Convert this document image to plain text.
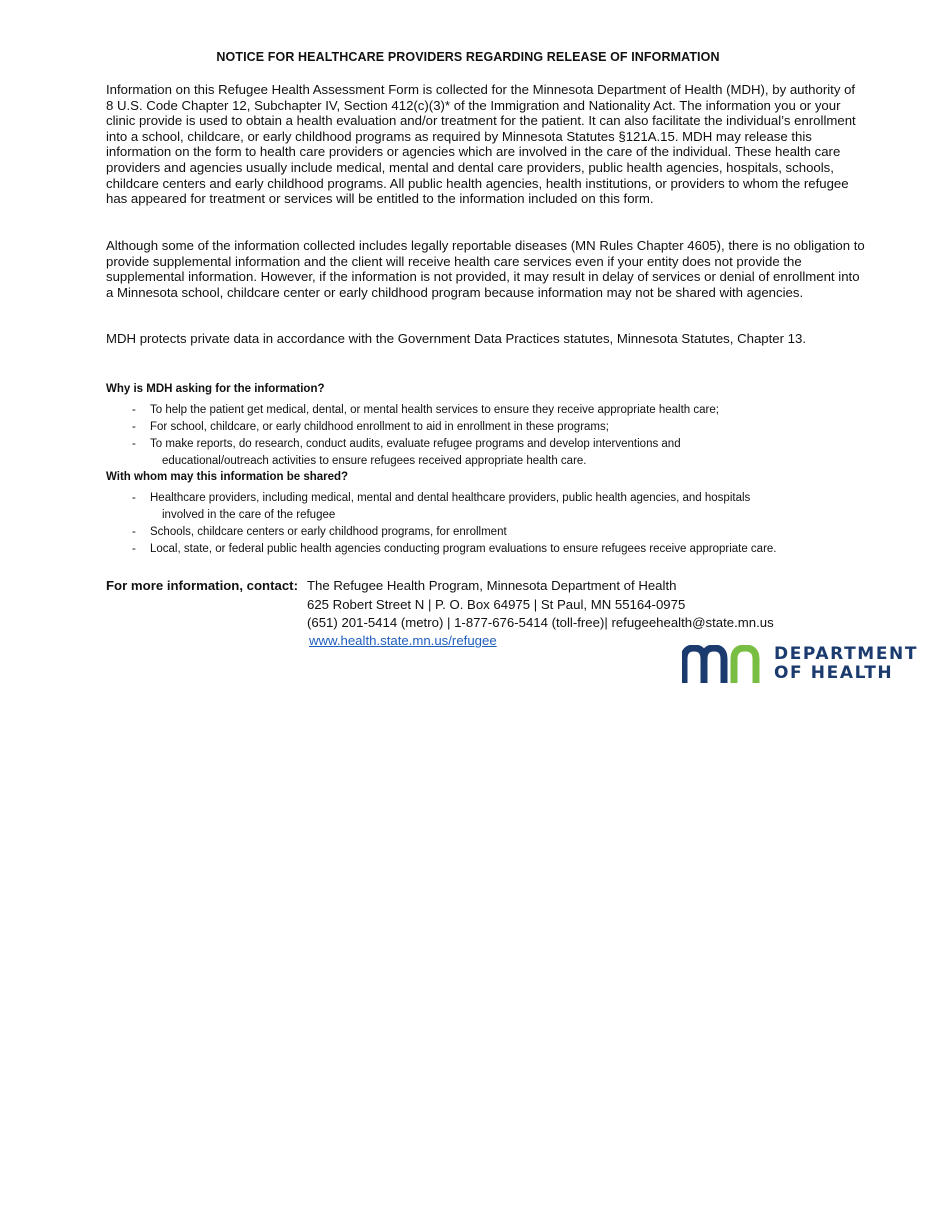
NOTICE FOR HEALTHCARE PROVIDERS REGARDING RELEASE OF INFORMATION

Information on this Refugee Health Assessment Form is collected for the Minnesota Department of Health (MDH), by authority of 8 U.S. Code Chapter 12, Subchapter IV, Section 412(c)(3)* of the Immigration and Nationality Act. The information you or your clinic provide is used to obtain a health evaluation and/or treatment for the patient. It can also facilitate the individual’s enrollment into a school, childcare, or early childhood programs as required by Minnesota Statutes §121A.15. MDH may release this information on the form to health care providers or agencies which are involved in the care of the individual. These health care providers and agencies usually include medical, mental and dental care providers, public health agencies, hospitals, schools, childcare centers and early childhood programs. All public health agencies, health institutions, or providers to whom the refugee has appeared for treatment or services will be entitled to the information included on this form.

Although some of the information collected includes legally reportable diseases (MN Rules Chapter 4605), there is no obligation to provide supplemental information and the client will receive health care services even if your entity does not provide the supplemental information. However, if the information is not provided, it may result in delay of services or denial of enrollment into a Minnesota school, childcare center or early childhood program because information may not be shared with agencies.

MDH protects private data in accordance with the Government Data Practices statutes, Minnesota Statutes, Chapter 13.

Why is MDH asking for the information?

- To help the patient get medical, dental, or mental health services to ensure they receive appropriate health care;
- For school, childcare, or early childhood enrollment to aid in enrollment in these programs;
- To make reports, do research, conduct audits, evaluate refugee programs and develop interventions and
educational/outreach activities to ensure refugees received appropriate health care.

With whom may this information be shared?

- Healthcare providers, including medical, mental and dental healthcare providers, public health agencies, and hospitals
involved in the care of the refugee
- Schools, childcare centers or early childhood programs, for enrollment
- Local, state, or federal public health agencies conducting program evaluations to ensure refugees receive appropriate care.
For more information, contact: The Refugee Health Program, Minnesota Department of Health
625 Robert Street N | P. O. Box 64975 | St Paul, MN 55164-0975
(651) 201-5414 (metro) | 1-877-676-5414 (toll-free)| refugeehealth@state.mn.us
www.health.state.mn.us/refugee
DEPARTMENT
OF HEALTH
